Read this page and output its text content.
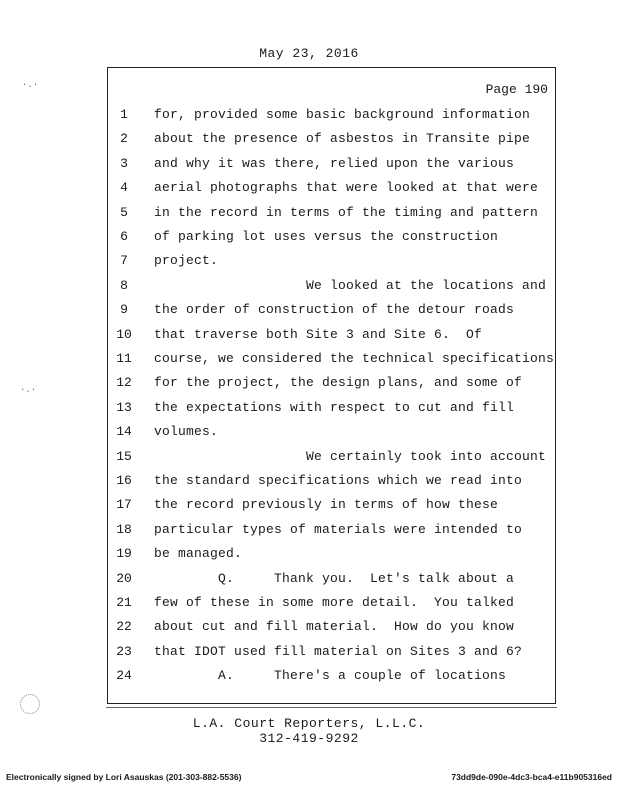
May 23, 2016
Page 190
1	for, provided some basic background information
2	about the presence of asbestos in Transite pipe
3	and why it was there, relied upon the various
4	aerial photographs that were looked at that were
5	in the record in terms of the timing and pattern
6	of parking lot uses versus the construction
7	project.
8	We looked at the locations and
9	the order of construction of the detour roads
10	that traverse both Site 3 and Site 6.  Of
11	course, we considered the technical specifications
12	for the project, the design plans, and some of
13	the expectations with respect to cut and fill
14	volumes.
15	We certainly took into account
16	the standard specifications which we read into
17	the record previously in terms of how these
18	particular types of materials were intended to
19	be managed.
20	Q.     Thank you.  Let's talk about a
21	few of these in some more detail.  You talked
22	about cut and fill material.  How do you know
23	that IDOT used fill material on Sites 3 and 6?
24	A.     There's a couple of locations
L.A. Court Reporters, L.L.C.
312-419-9292
Electronically signed by Lori Asauskas (201-303-882-5536)	73dd9de-090e-4dc3-bca4-e11b905316ed
·.·
·.·
